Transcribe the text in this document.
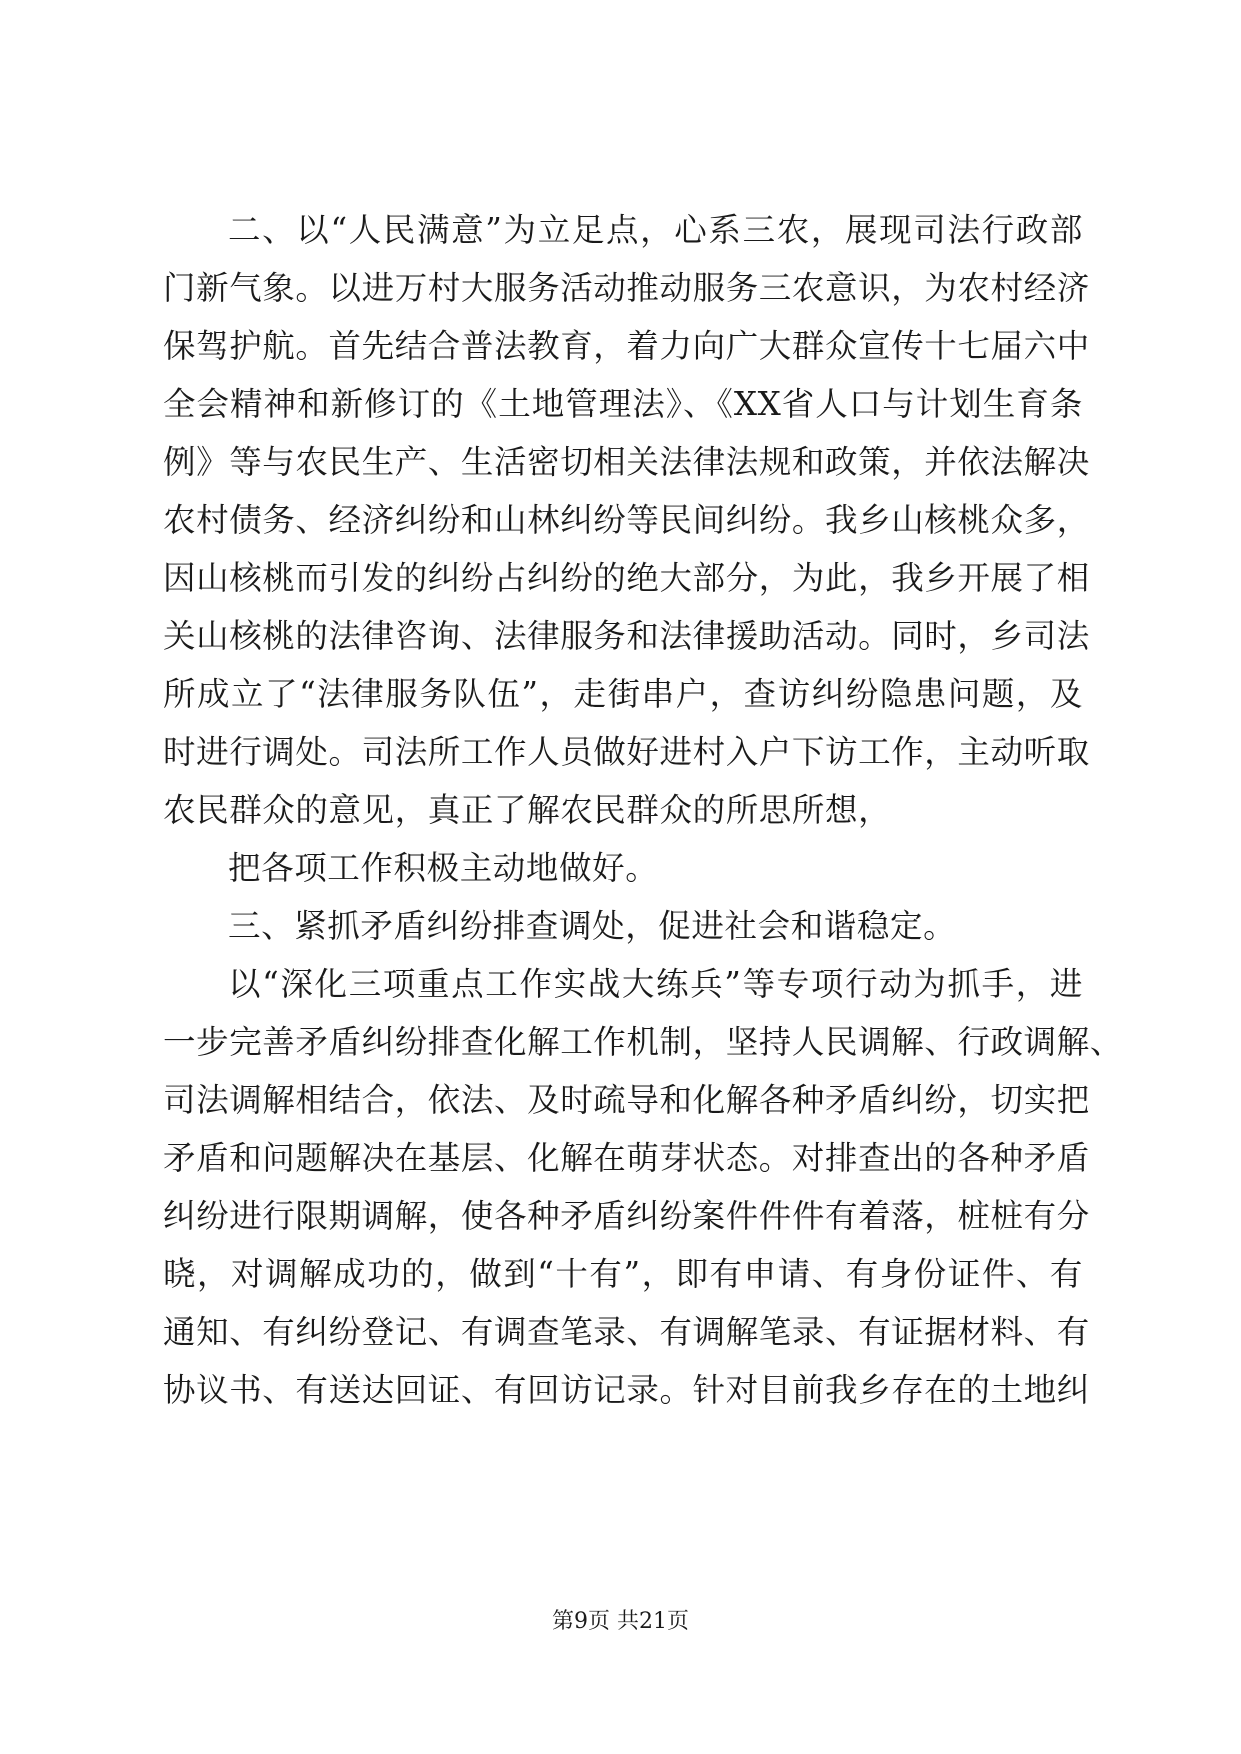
二、以“人民满意”为立足点，心系三农，展现司法行政部
门新气象。以进万村大服务活动推动服务三农意识，为农村经济
保驾护航。首先结合普法教育，着力向广大群众宣传十七届六中
全会精神和新修订的《土地管理法》、《XX省人口与计划生育条
例》等与农民生产、生活密切相关法律法规和政策，并依法解决
农村债务、经济纠纷和山林纠纷等民间纠纷。我乡山核桃众多，
因山核桃而引发的纠纷占纠纷的绝大部分，为此，我乡开展了相
关山核桃的法律咨询、法律服务和法律援助活动。同时，乡司法
所成立了“法律服务队伍”，走街串户，查访纠纷隐患问题，及
时进行调处。司法所工作人员做好进村入户下访工作，主动听取
农民群众的意见，真正了解农民群众的所思所想，
把各项工作积极主动地做好。
三、紧抓矛盾纠纷排查调处，促进社会和谐稳定。
以“深化三项重点工作实战大练兵”等专项行动为抓手，进
一步完善矛盾纠纷排查化解工作机制，坚持人民调解、行政调解、
司法调解相结合，依法、及时疏导和化解各种矛盾纠纷，切实把
矛盾和问题解决在基层、化解在萌芽状态。对排查出的各种矛盾
纠纷进行限期调解，使各种矛盾纠纷案件件件有着落，桩桩有分
晓，对调解成功的，做到“十有”，即有申请、有身份证件、有
通知、有纠纷登记、有调查笔录、有调解笔录、有证据材料、有
协议书、有送达回证、有回访记录。针对目前我乡存在的土地纠
第9页 共21页
